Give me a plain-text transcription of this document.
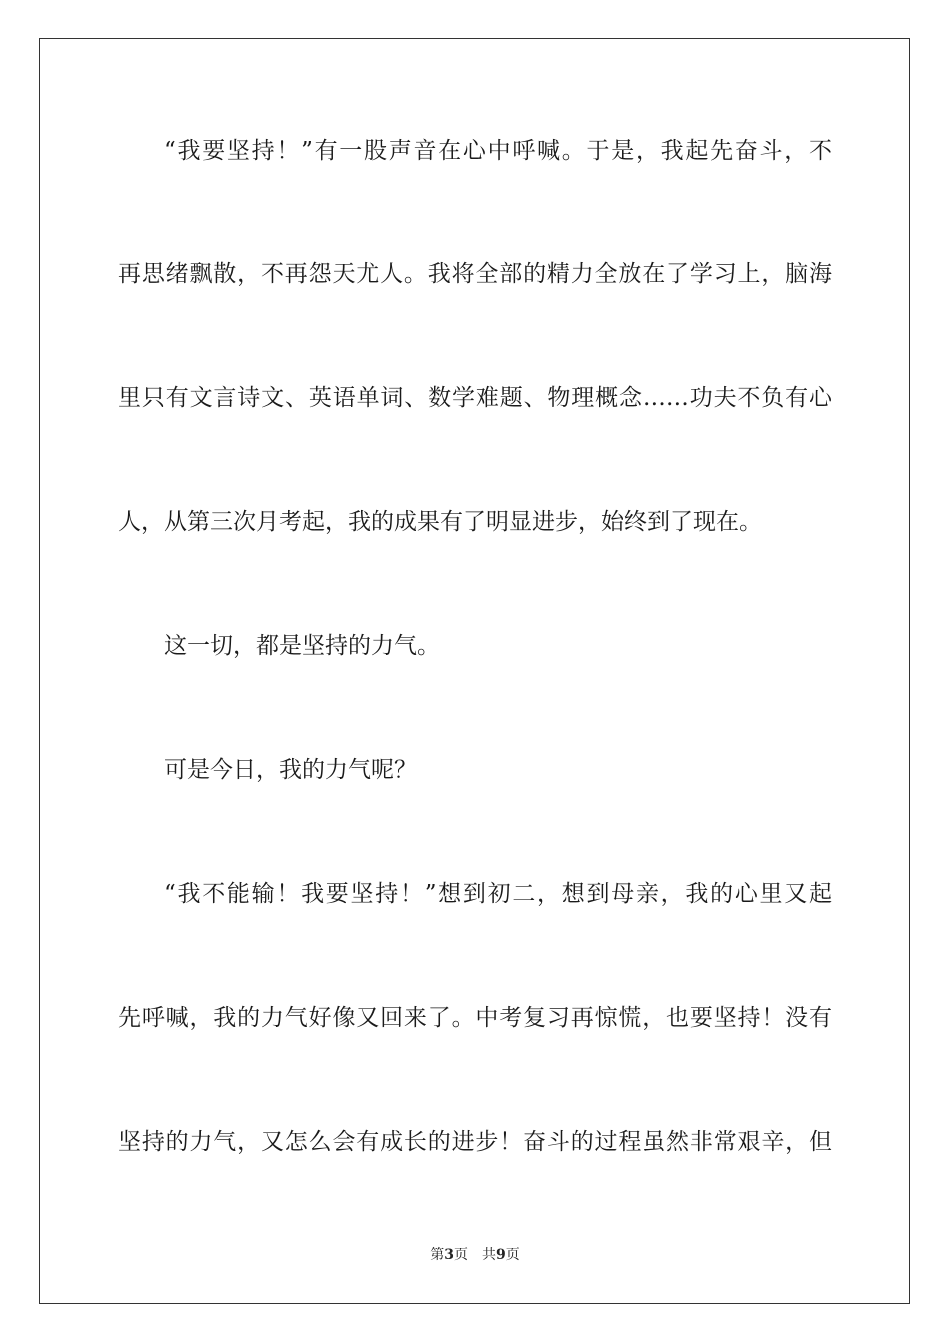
“我要坚持！”有一股声音在心中呼喊。于是，我起先奋斗，不
再思绪飘散，不再怨天尤人。我将全部的精力全放在了学习上，脑海
里只有文言诗文、英语单词、数学难题、物理概念……功夫不负有心
人，从第三次月考起，我的成果有了明显进步，始终到了现在。
这一切，都是坚持的力气。
可是今日，我的力气呢？
“我不能输！我要坚持！”想到初二，想到母亲，我的心里又起
先呼喊，我的力气好像又回来了。中考复习再惊慌，也要坚持！没有
坚持的力气，又怎么会有成长的进步！奋斗的过程虽然非常艰辛，但
第3页 共9页
